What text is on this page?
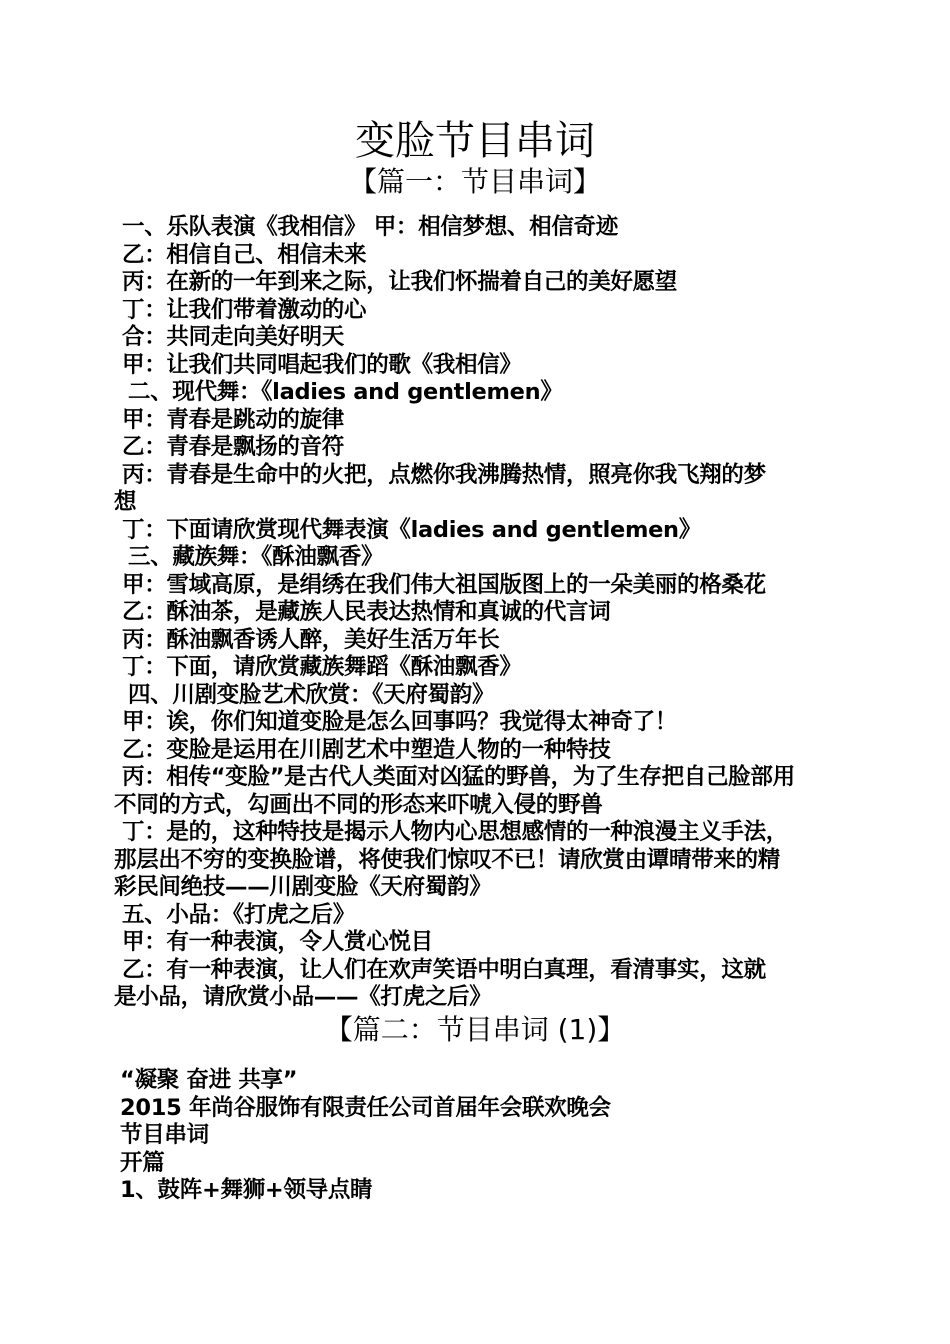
变脸节目串词
【篇一：节目串词】
一、乐队表演《我相信》 甲：相信梦想、相信奇迹
乙：相信自己、相信未来
丙：在新的一年到来之际，让我们怀揣着自己的美好愿望
丁：让我们带着激动的心
合：共同走向美好明天
甲：让我们共同唱起我们的歌《我相信》
二、现代舞：《ladies and gentlemen》
甲：青春是跳动的旋律
乙：青春是飘扬的音符
丙：青春是生命中的火把，点燃你我沸腾热情，照亮你我飞翔的梦
想
丁：下面请欣赏现代舞表演《ladies and gentlemen》
三、藏族舞：《酥油飘香》
甲：雪域高原，是绢绣在我们伟大祖国版图上的一朵美丽的格桑花
乙：酥油茶，是藏族人民表达热情和真诚的代言词
丙：酥油飘香诱人醉，美好生活万年长
丁：下面，请欣赏藏族舞蹈《酥油飘香》
四、川剧变脸艺术欣赏：《天府蜀韵》
甲：诶，你们知道变脸是怎么回事吗？我觉得太神奇了！
乙：变脸是运用在川剧艺术中塑造人物的一种特技
丙：相传“变脸”是古代人类面对凶猛的野兽，为了生存把自己脸部用
不同的方式，勾画出不同的形态来吓唬入侵的野兽
丁：是的，这种特技是揭示人物内心思想感情的一种浪漫主义手法，
那层出不穷的变换脸谱，将使我们惊叹不已！请欣赏由谭晴带来的精
彩民间绝技——川剧变脸《天府蜀韵》
五、小品：《打虎之后》
甲：有一种表演，令人赏心悦目
乙：有一种表演，让人们在欢声笑语中明白真理，看清事实，这就
是小品，请欣赏小品——《打虎之后》
【篇二：节目串词 (1)】
“凝聚 奋进 共享”
2015 年尚谷服饰有限责任公司首届年会联欢晚会
节目串词
开篇
1、鼓阵+舞狮+领导点睛
